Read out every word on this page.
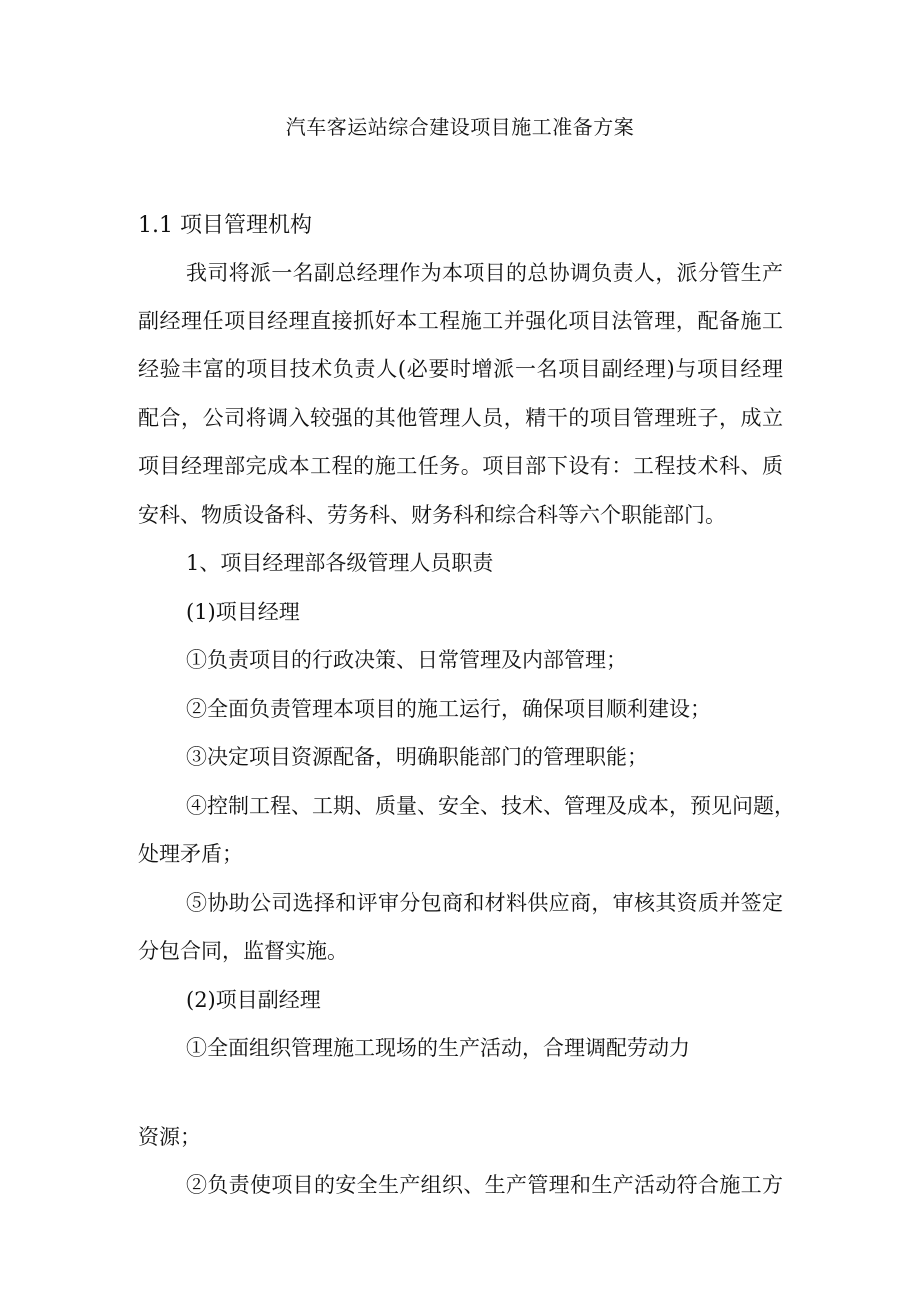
汽车客运站综合建设项目施工准备方案
1.1 项目管理机构
我司将派一名副总经理作为本项目的总协调负责人，派分管生产
副经理任项目经理直接抓好本工程施工并强化项目法管理，配备施工
经验丰富的项目技术负责人(必要时增派一名项目副经理)与项目经理
配合，公司将调入较强的其他管理人员，精干的项目管理班子，成立
项目经理部完成本工程的施工任务。项目部下设有：工程技术科、质
安科、物质设备科、劳务科、财务科和综合科等六个职能部门。
1、项目经理部各级管理人员职责
(1)项目经理
①负责项目的行政决策、日常管理及内部管理；
②全面负责管理本项目的施工运行，确保项目顺利建设；
③决定项目资源配备，明确职能部门的管理职能；
④控制工程、工期、质量、安全、技术、管理及成本，预见问题，
处理矛盾；
⑤协助公司选择和评审分包商和材料供应商，审核其资质并签定
分包合同，监督实施。
(2)项目副经理
①全面组织管理施工现场的生产活动，合理调配劳动力
资源；
②负责使项目的安全生产组织、生产管理和生产活动符合施工方
